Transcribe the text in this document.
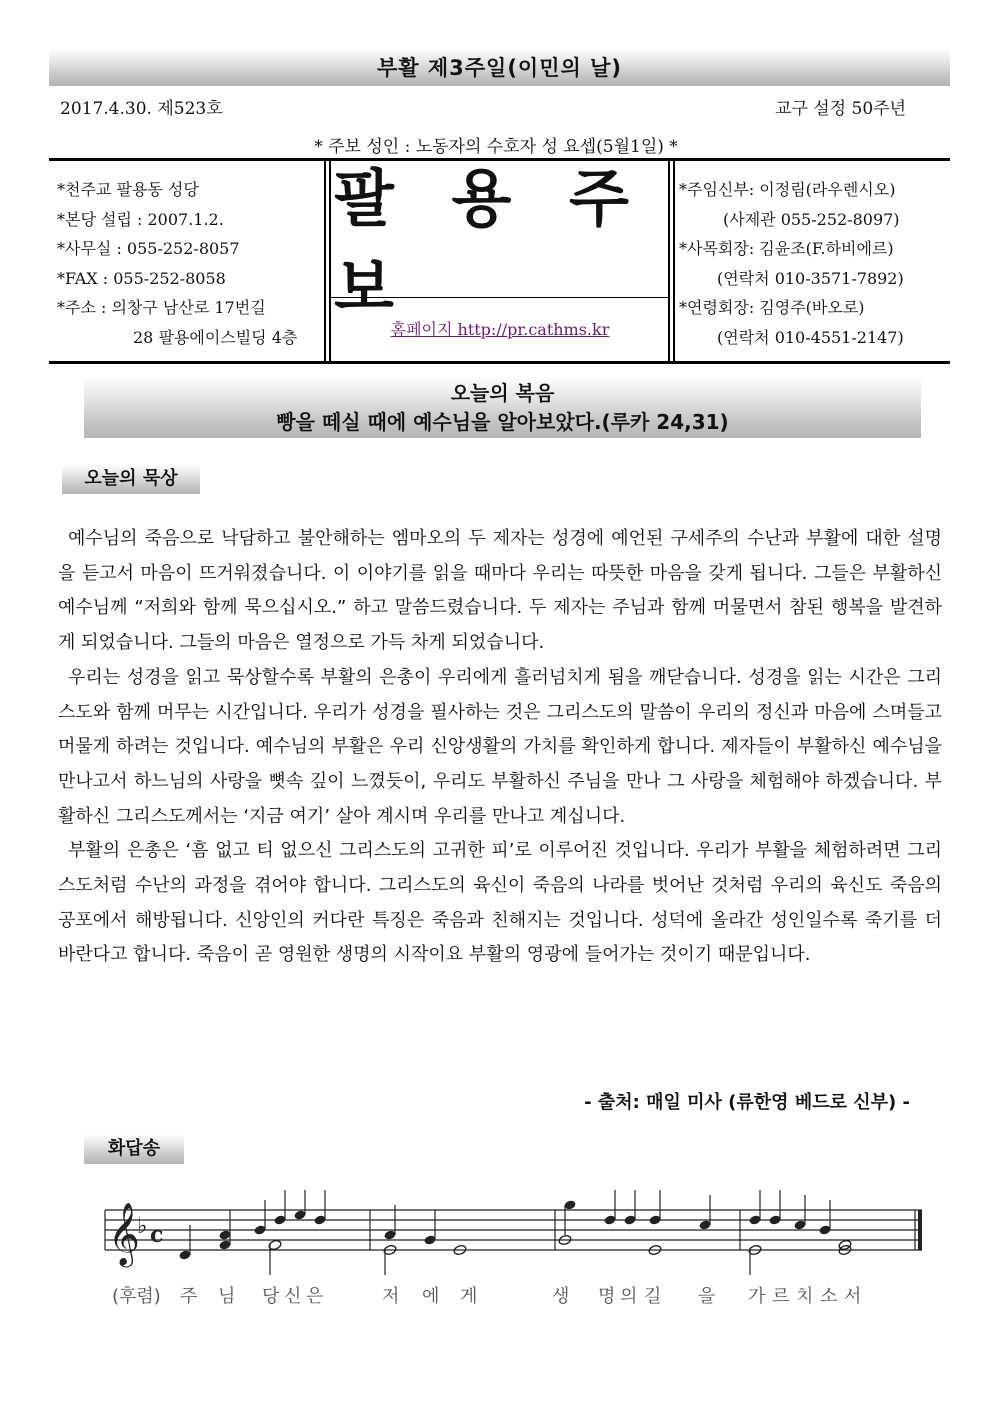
부활 제3주일(이민의 날)
2017.4.30. 제523호	교구 설정 50주년
* 주보 성인 : 노동자의 수호자 성 요셉(5월1일) *
*천주교 팔용동 성당
*본당 설립 : 2007.1.2.
*사무실 : 055-252-8057
*FAX : 055-252-8058
*주소 : 의창구 남산로 17번길
28 팔용에이스빌딩 4층
팔 용 주 보
홈페이지 http://pr.cathms.kr
*주임신부: 이정림(라우렌시오)
(사제관 055-252-8097)
*사목회장: 김윤조(F.하비에르)
(연락처 010-3571-7892)
*연령회장: 김영주(바오로)
(연락처 010-4551-2147)
오늘의 복음
빵을 떼실 때에 예수님을 알아보았다.(루카 24,31)
오늘의 묵상

예수님의 죽음으로 낙담하고 불안해하는 엠마오의 두 제자는 성경에 예언된 구세주의 수난과 부활에 대한 설명을 듣고서 마음이 뜨거워졌습니다. 이 이야기를 읽을 때마다 우리는 따뜻한 마음을 갖게 됩니다. 그들은 부활하신 예수님께 “저희와 함께 묵으십시오.” 하고 말씀드렸습니다. 두 제자는 주님과 함께 머물면서 참된 행복을 발견하게 되었습니다. 그들의 마음은 열정으로 가득 차게 되었습니다.

우리는 성경을 읽고 묵상할수록 부활의 은총이 우리에게 흘러넘치게 됨을 깨닫습니다. 성경을 읽는 시간은 그리스도와 함께 머무는 시간입니다. 우리가 성경을 필사하는 것은 그리스도의 말씀이 우리의 정신과 마음에 스며들고 머물게 하려는 것입니다. 예수님의 부활은 우리 신앙생활의 가치를 확인하게 합니다. 제자들이 부활하신 예수님을 만나고서 하느님의 사랑을 뼛속 깊이 느꼈듯이, 우리도 부활하신 주님을 만나 그 사랑을 체험해야 하겠습니다. 부활하신 그리스도께서는 ‘지금 여기’ 살아 계시며 우리를 만나고 계십니다.

부활의 은총은 ‘흠 없고 티 없으신 그리스도의 고귀한 피’로 이루어진 것입니다. 우리가 부활을 체험하려면 그리스도처럼 수난의 과정을 겪어야 합니다. 그리스도의 육신이 죽음의 나라를 벗어난 것처럼 우리의 육신도 죽음의 공포에서 해방됩니다. 신앙인의 커다란 특징은 죽음과 친해지는 것입니다. 성덕에 올라간 성인일수록 죽기를 더 바란다고 합니다. 죽음이 곧 영원한 생명의 시작이요 부활의 영광에 들어가는 것이기 때문입니다.

- 출처: 매일 미사 (류한영 베드로 신부) -
화답송
𝄞
♭ c
(후렴) 주 님 당 신 은	저 에 게	생 명 의 길 을 가 르 치 소 서
